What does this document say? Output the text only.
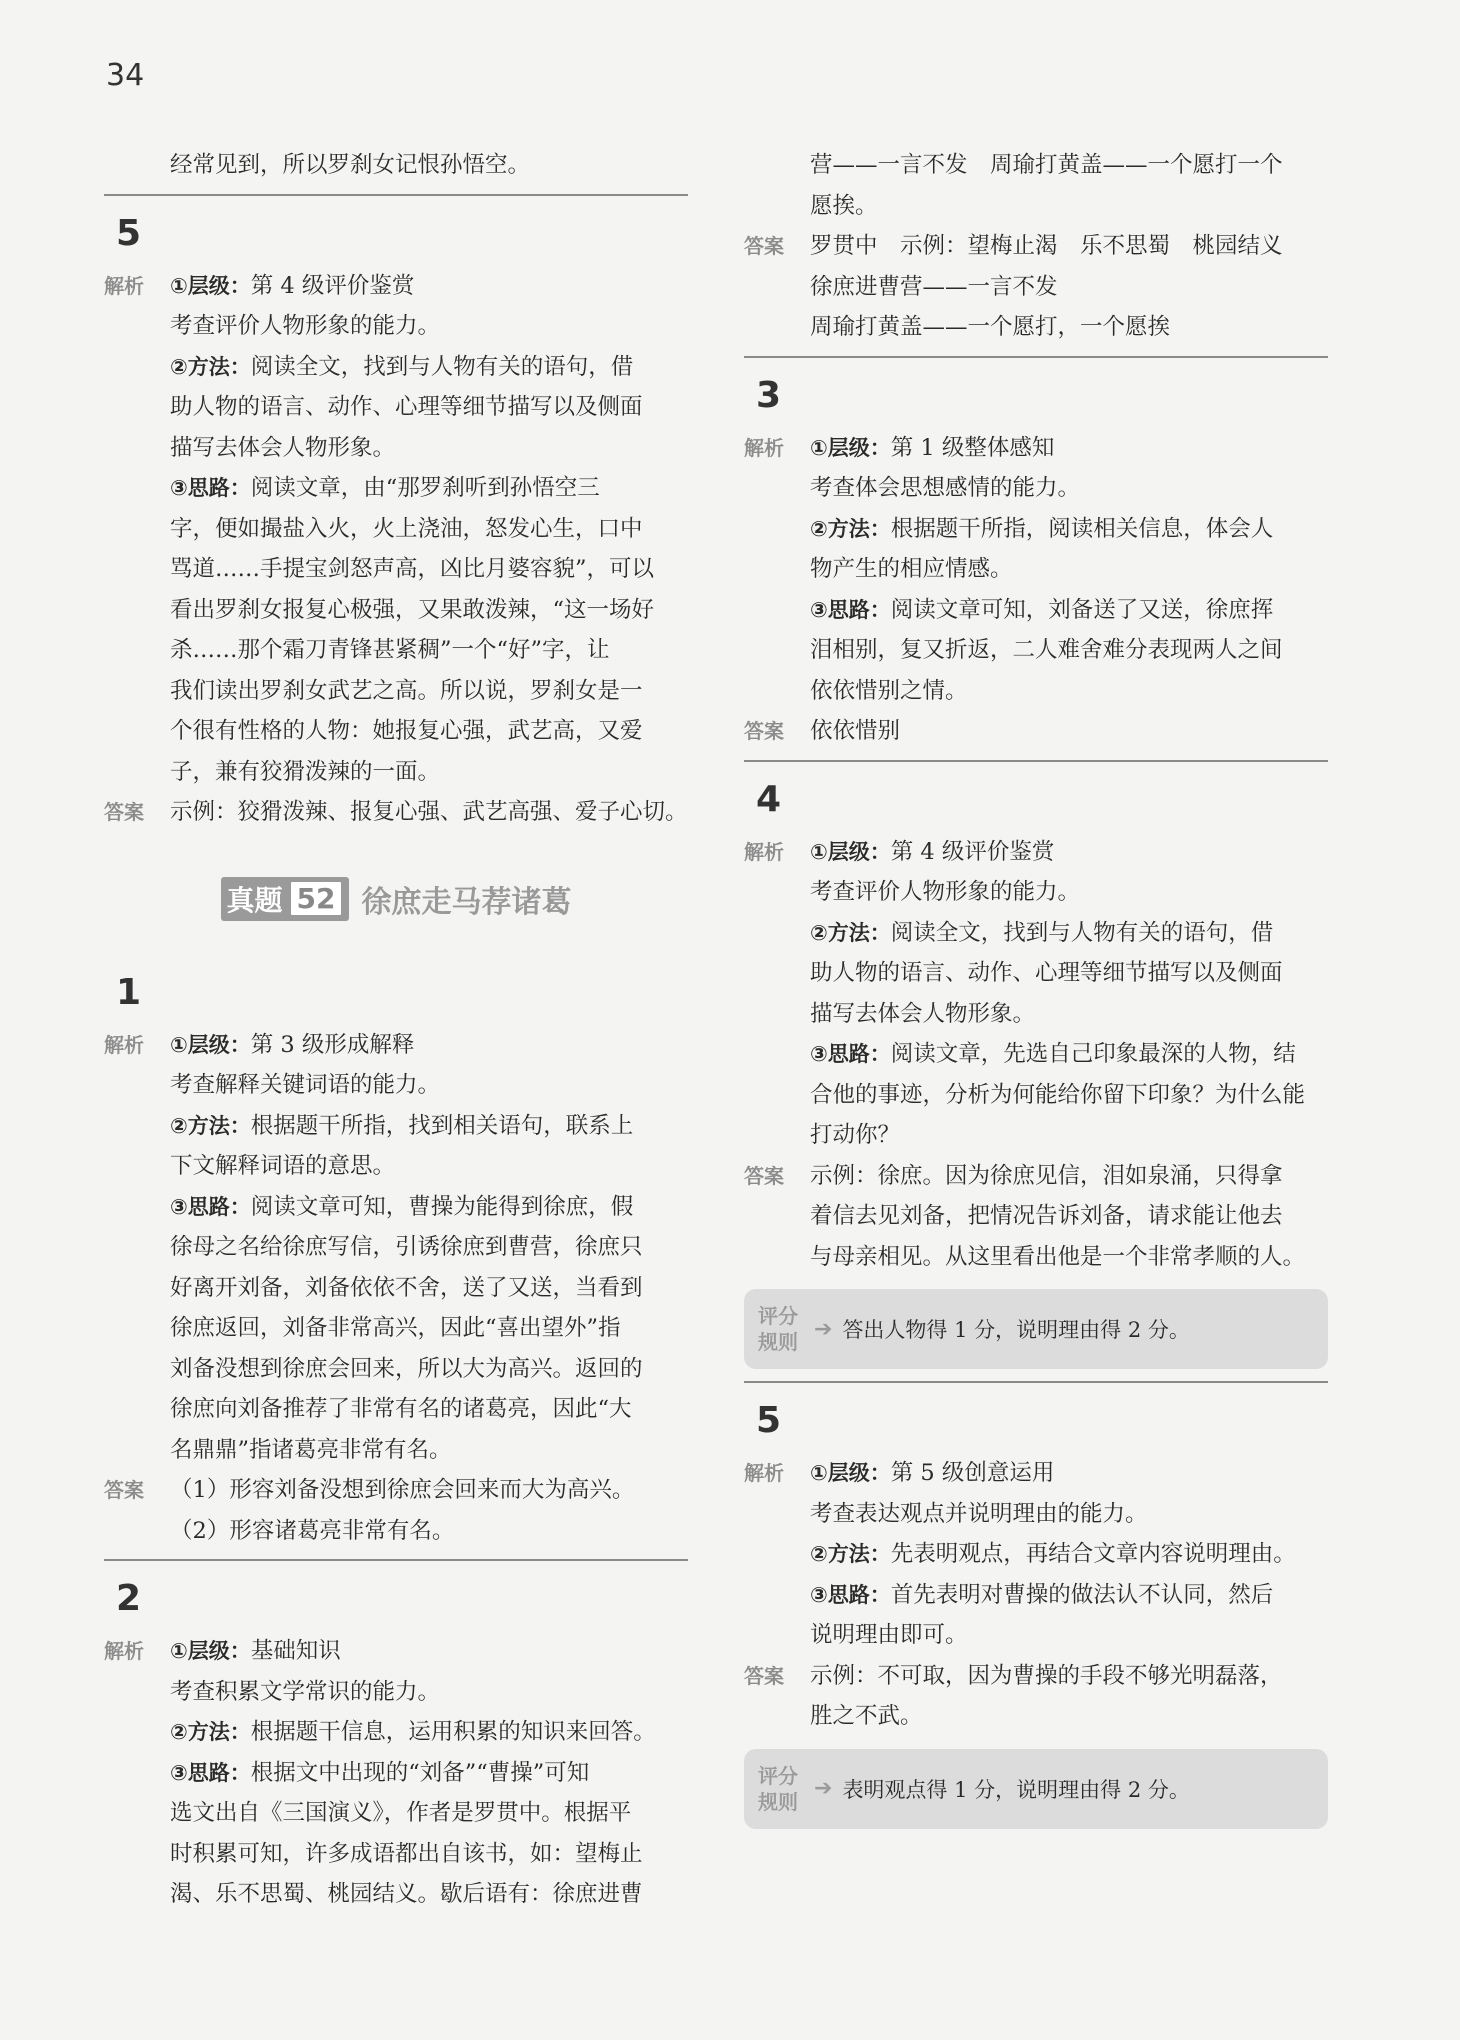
34
经常见到，所以罗刹女记恨孙悟空。
5
解析	①层级：第 4 级评价鉴赏
考查评价人物形象的能力。
②方法：阅读全文，找到与人物有关的语句，借
助人物的语言、动作、心理等细节描写以及侧面
描写去体会人物形象。
③思路：阅读文章，由“那罗刹听到孙悟空三
字，便如撮盐入火，火上浇油，怒发心生，口中
骂道……手提宝剑怒声高，凶比月婆容貌”，可以
看出罗刹女报复心极强，又果敢泼辣，“这一场好
杀……那个霜刀青锋甚紧稠”一个“好”字，让
我们读出罗刹女武艺之高。所以说，罗刹女是一
个很有性格的人物：她报复心强，武艺高，又爱
子，兼有狡猾泼辣的一面。
答案	示例：狡猾泼辣、报复心强、武艺高强、爱子心切。
真题 52 徐庶走马荐诸葛
1
解析	①层级：第 3 级形成解释
考查解释关键词语的能力。
②方法：根据题干所指，找到相关语句，联系上
下文解释词语的意思。
③思路：阅读文章可知，曹操为能得到徐庶，假
徐母之名给徐庶写信，引诱徐庶到曹营，徐庶只
好离开刘备，刘备依依不舍，送了又送，当看到
徐庶返回，刘备非常高兴，因此“喜出望外”指
刘备没想到徐庶会回来，所以大为高兴。返回的
徐庶向刘备推荐了非常有名的诸葛亮，因此“大
名鼎鼎”指诸葛亮非常有名。
答案	（1）形容刘备没想到徐庶会回来而大为高兴。
（2）形容诸葛亮非常有名。
2
解析	①层级：基础知识
考查积累文学常识的能力。
②方法：根据题干信息，运用积累的知识来回答。
③思路：根据文中出现的“刘备”“曹操”可知
选文出自《三国演义》，作者是罗贯中。根据平
时积累可知，许多成语都出自该书，如：望梅止
渴、乐不思蜀、桃园结义。歇后语有：徐庶进曹
营——一言不发　周瑜打黄盖——一个愿打一个
愿挨。
答案	罗贯中　示例：望梅止渴　乐不思蜀　桃园结义
徐庶进曹营——一言不发
周瑜打黄盖——一个愿打，一个愿挨
3
解析	①层级：第 1 级整体感知
考查体会思想感情的能力。
②方法：根据题干所指，阅读相关信息，体会人
物产生的相应情感。
③思路：阅读文章可知，刘备送了又送，徐庶挥
泪相别，复又折返，二人难舍难分表现两人之间
依依惜别之情。
答案	依依惜别
4
解析	①层级：第 4 级评价鉴赏
考查评价人物形象的能力。
②方法：阅读全文，找到与人物有关的语句，借
助人物的语言、动作、心理等细节描写以及侧面
描写去体会人物形象。
③思路：阅读文章，先选自己印象最深的人物，结
合他的事迹，分析为何能给你留下印象？为什么能
打动你？
答案	示例：徐庶。因为徐庶见信，泪如泉涌，只得拿
着信去见刘备，把情况告诉刘备，请求能让他去
与母亲相见。从这里看出他是一个非常孝顺的人。
评分
规则
➔ 答出人物得 1 分，说明理由得 2 分。
5
解析	①层级：第 5 级创意运用
考查表达观点并说明理由的能力。
②方法：先表明观点，再结合文章内容说明理由。
③思路：首先表明对曹操的做法认不认同，然后
说明理由即可。
答案	示例：不可取，因为曹操的手段不够光明磊落，
胜之不武。
评分
规则
➔ 表明观点得 1 分，说明理由得 2 分。
